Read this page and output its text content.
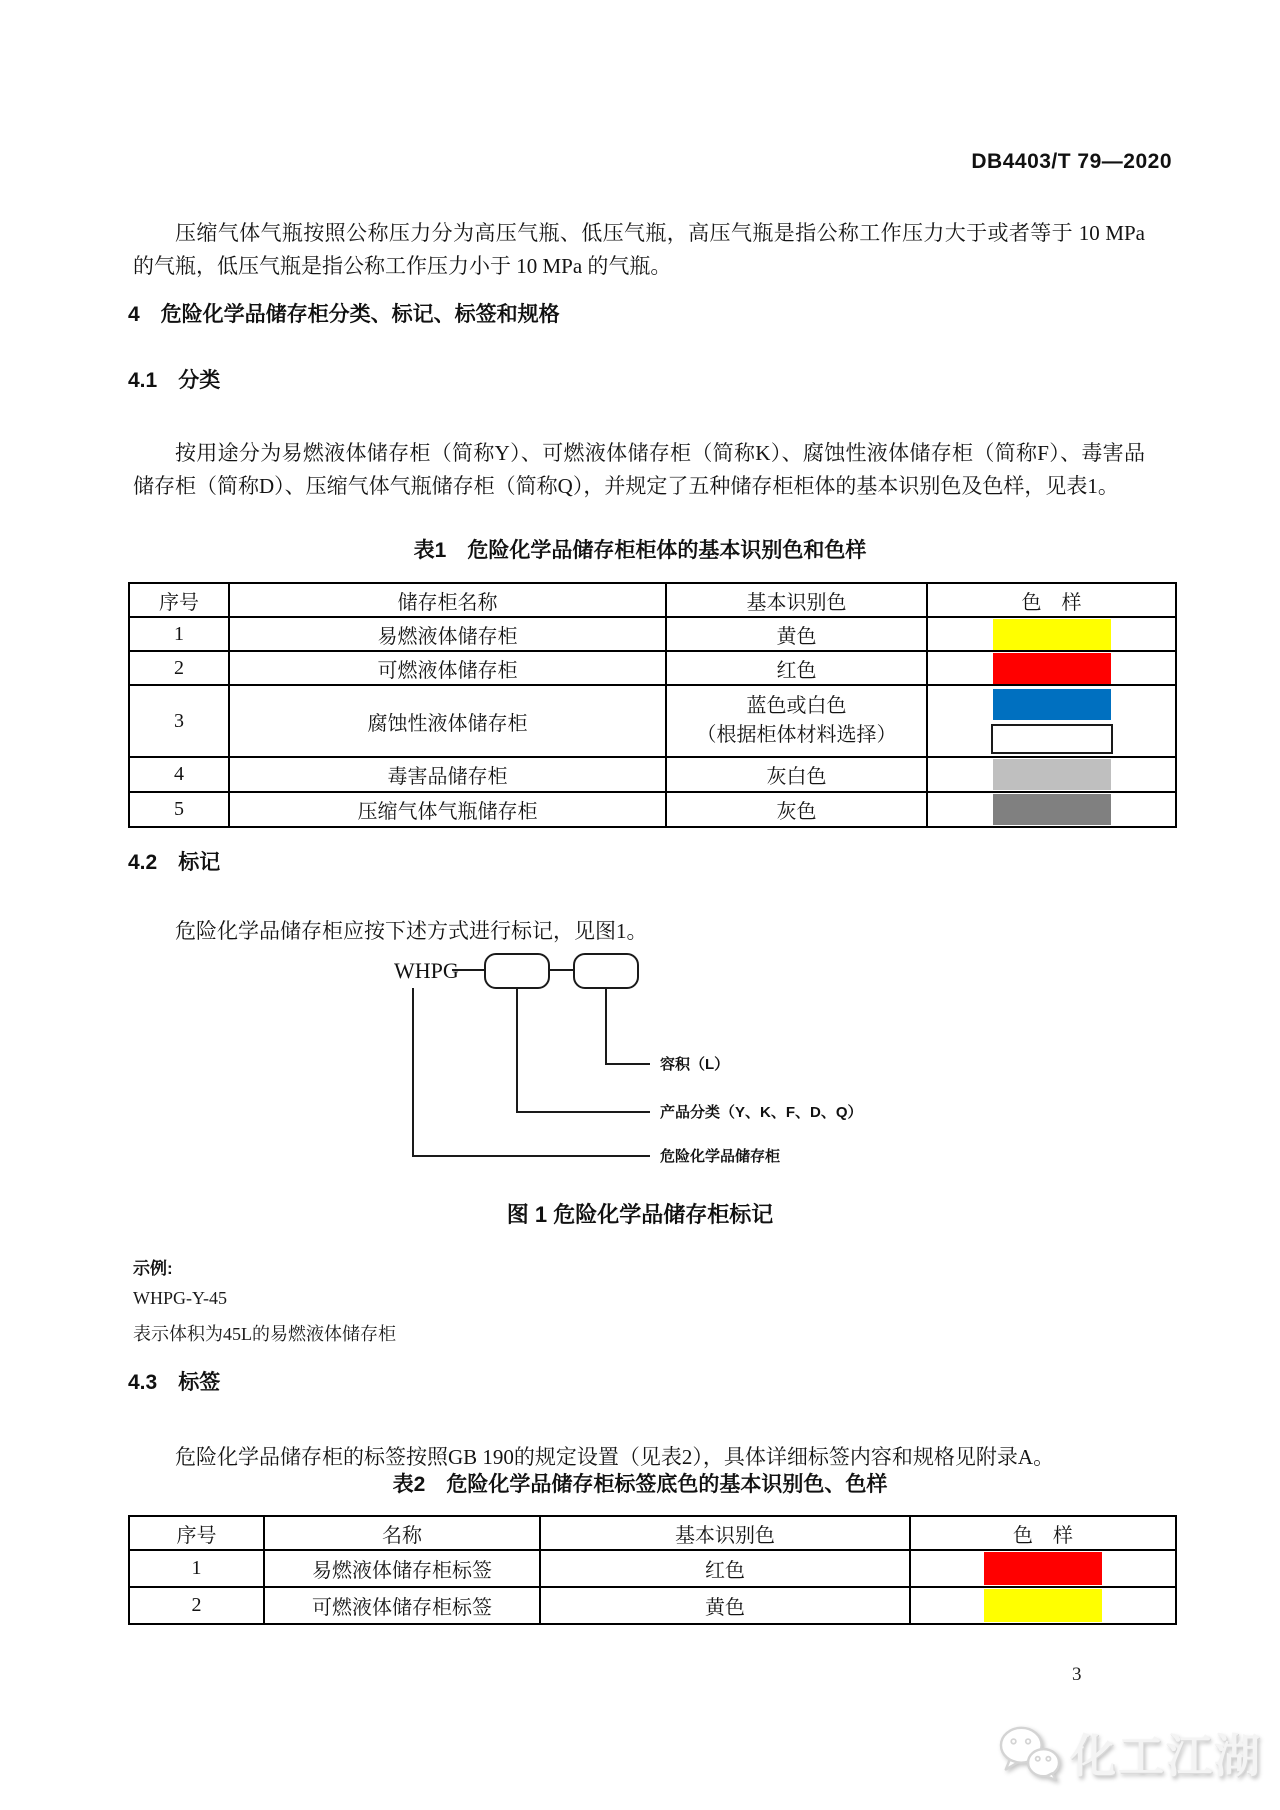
DB4403/T 79—2020

压缩气体气瓶按照公称压力分为高压气瓶、低压气瓶，高压气瓶是指公称工作压力大于或者等于 10 MPa 的气瓶，低压气瓶是指公称工作压力小于 10 MPa 的气瓶。

4　危险化学品储存柜分类、标记、标签和规格
4.1　分类

按用途分为易燃液体储存柜（简称Y）、可燃液体储存柜（简称K）、腐蚀性液体储存柜（简称F）、毒害品储存柜（简称D）、压缩气体气瓶储存柜（简称Q），并规定了五种储存柜柜体的基本识别色及色样，见表1。

表1　危险化学品储存柜柜体的基本识别色和色样
序号	储存柜名称	基本识别色	色　样
1	易燃液体储存柜	黄色	

2	可燃液体储存柜	红色	

3	腐蚀性液体储存柜	蓝色或白色
（根据柜体材料选择）	

4	毒害品储存柜	灰白色	

5	压缩气体气瓶储存柜	灰色	
4.2　标记

危险化学品储存柜应按下述方式进行标记，见图1。

WHPG
容积（L）
产品分类（Y、K、F、D、Q）
危险化学品储存柜
图 1 危险化学品储存柜标记
示例:
WHPG-Y-45
表示体积为45L的易燃液体储存柜
4.3　标签

危险化学品储存柜的标签按照GB 190的规定设置（见表2），具体详细标签内容和规格见附录A。

表2　危险化学品储存柜标签底色的基本识别色、色样
序号	名称	基本识别色	色　样
1	易燃液体储存柜标签	红色	

2	可燃液体储存柜标签	黄色	
3
化工江湖
